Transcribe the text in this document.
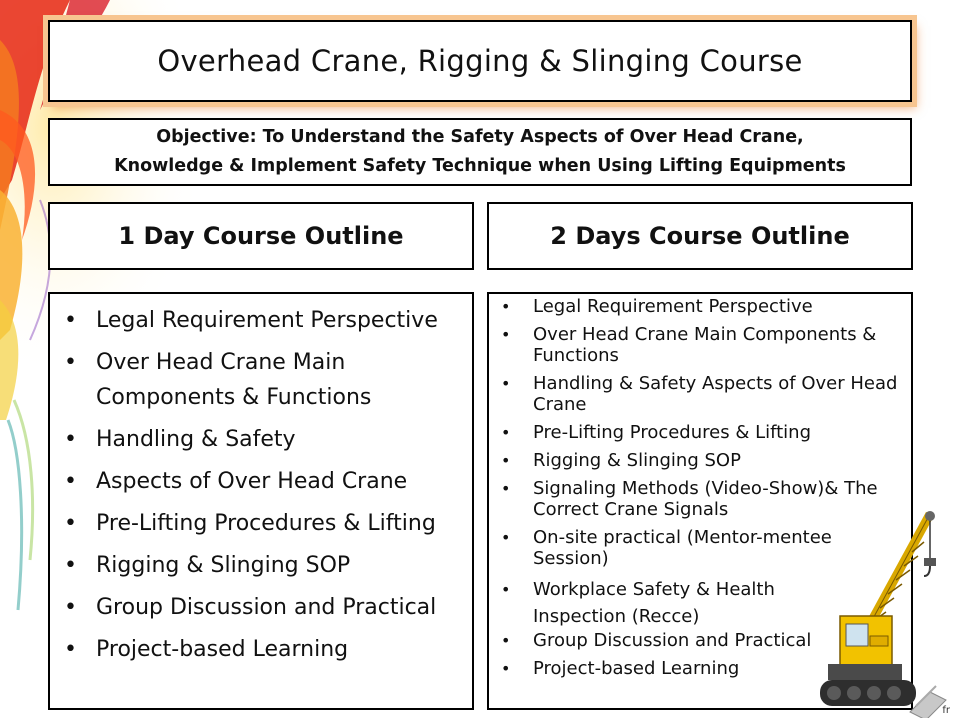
Overhead Crane, Rigging & Slinging Course
Objective: To Understand the Safety Aspects of Over Head Crane,
Knowledge & Implement Safety Technique when Using Lifting Equipments
1 Day Course Outline	2 Days Course Outline
• Legal Requirement Perspective
• Over Head Crane Main Components & Functions
• Handling & Safety
• Aspects of Over Head Crane
• Pre-Lifting Procedures & Lifting
• Rigging & Slinging SOP
• Group Discussion and Practical
• Project-based Learning
• Legal Requirement Perspective
• Over Head Crane Main Components & Functions
• Handling & Safety Aspects of Over Head Crane
• Pre-Lifting Procedures & Lifting
• Rigging & Slinging SOP
• Signaling Methods (Video-Show)& The Correct Crane Signals
• On-site practical (Mentor-mentee Session)
• Workplace Safety & Health
Inspection (Recce)
• Group Discussion and Practical
• Project-based Learning
fr
